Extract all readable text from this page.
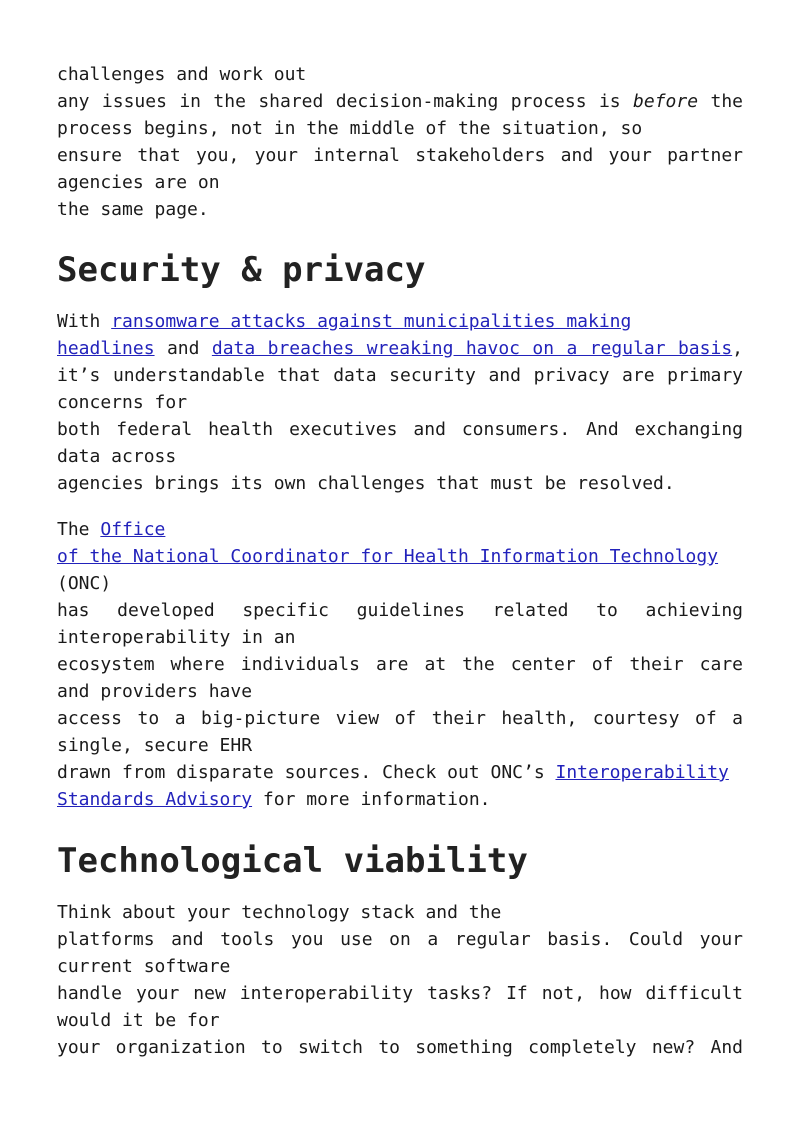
challenges and work out
any issues in the shared decision-making process is before the
process begins, not in the middle of the situation, so
ensure that you, your internal stakeholders and your partner
agencies are on
the same page.
Security & privacy
With ransomware attacks against municipalities making
headlines and data breaches wreaking havoc on a regular basis,
it’s understandable that data security and privacy are primary
concerns for
both federal health executives and consumers. And exchanging
data across
agencies brings its own challenges that must be resolved.
The Office
of the National Coordinator for Health Information Technology
(ONC)
has developed specific guidelines related to achieving
interoperability in an
ecosystem where individuals are at the center of their care
and providers have
access to a big-picture view of their health, courtesy of a
single, secure EHR
drawn from disparate sources. Check out ONC’s Interoperability
Standards Advisory for more information.
Technological viability
Think about your technology stack and the
platforms and tools you use on a regular basis. Could your
current software
handle your new interoperability tasks? If not, how difficult
would it be for
your organization to switch to something completely new? And
